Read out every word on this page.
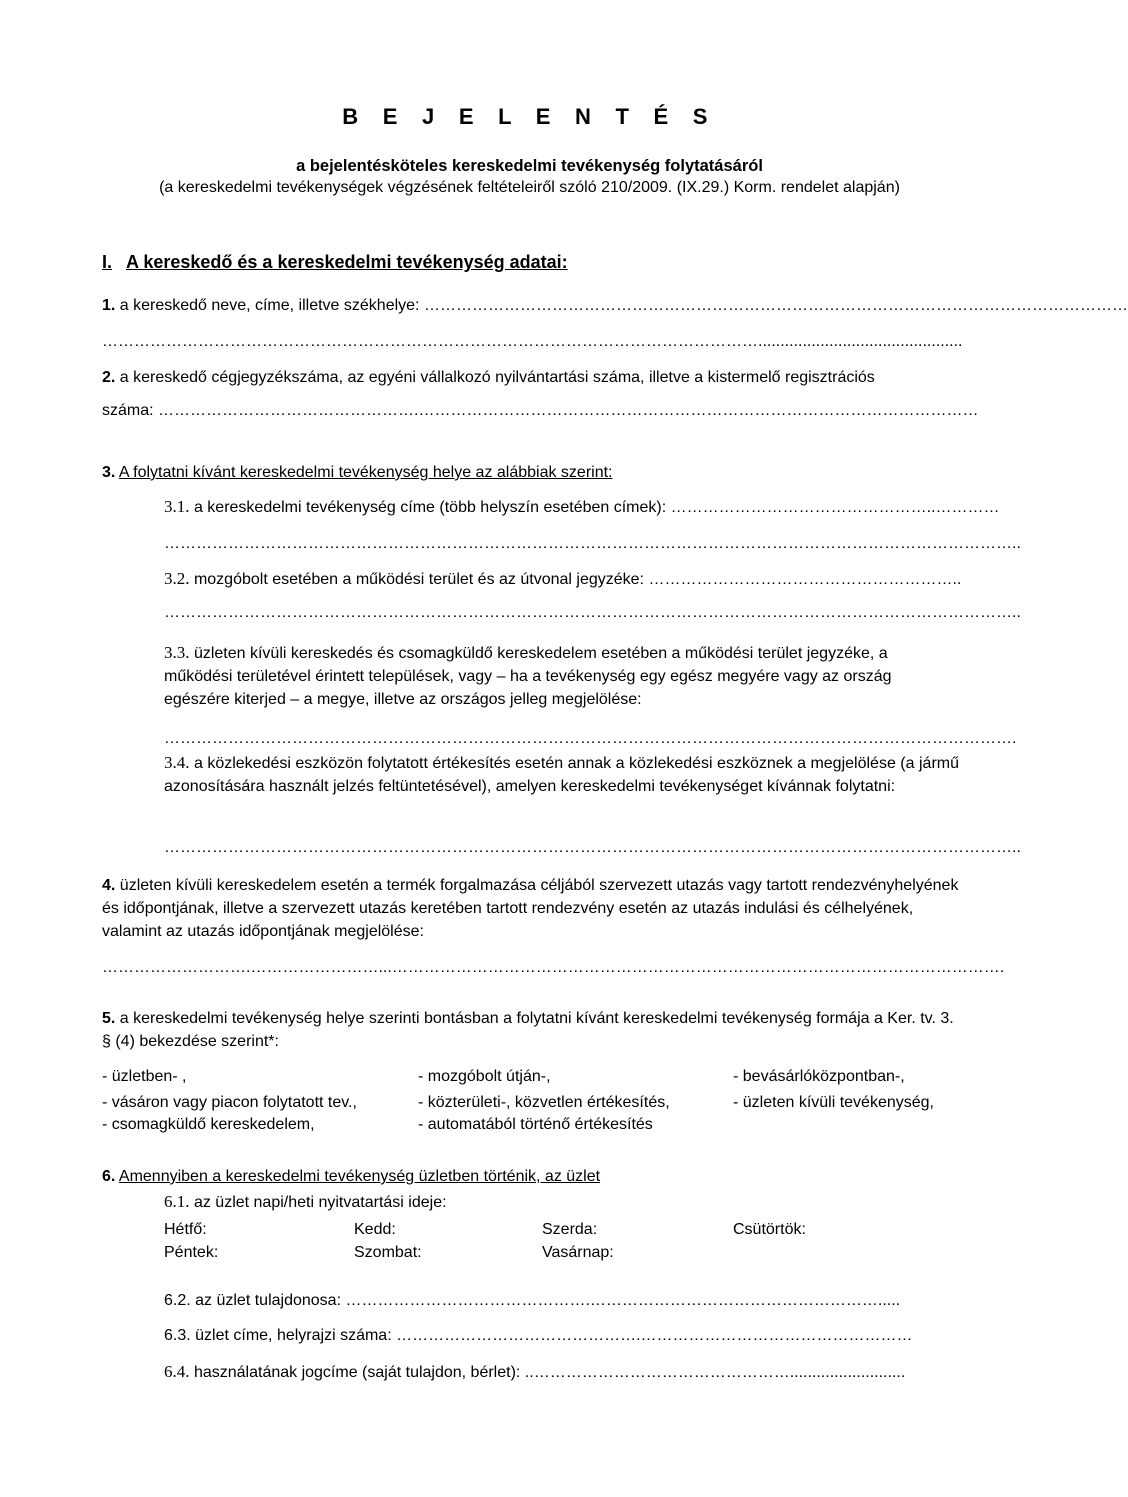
B E J E L E N T É S
a bejelentésköteles kereskedelmi tevékenység folytatásáról
(a kereskedelmi tevékenységek végzésének feltételeiről szóló 210/2009. (IX.29.) Korm. rendelet alapján)
I. A kereskedő és a kereskedelmi tevékenység adatai:
1. a kereskedő neve, címe, illetve székhelye: ……………………………………………………………………………………………………………………
……………………………………………………………………………………………………………..............................................
2. a kereskedő cégjegyzékszáma, az egyéni vállalkozó nyilvántartási száma, illetve a kistermelő regisztrációs
száma: ………………………………………….……………………………………………………………………………………………
3. A folytatni kívánt kereskedelmi tevékenység helye az alábbiak szerint:
3.1. a kereskedelmi tevékenység címe (több helyszín esetében címek): …………………………………………..…………
……………………………………………………………………………………………………………………………………………..
3.2. mozgóbolt esetében a működési terület és az útvonal jegyzéke: …………………………………………………..
……………………………………………………………………………………………………………………………………………..
3.3. üzleten kívüli kereskedés és csomagküldő kereskedelem esetében a működési terület jegyzéke, a működési területével érintett települések, vagy – ha a tevékenység egy egész megyére vagy az ország egészére kiterjed – a megye, illetve az országos jelleg megjelölése:
…………………………………………………………………………………………………………………………………………….
3.4. a közlekedési eszközön folytatott értékesítés esetén annak a közlekedési eszköznek a megjelölése (a jármű azonosítására használt jelzés feltüntetésével), amelyen kereskedelmi tevékenységet kívánnak folytatni:
……………………………………………………………………………………………………………………………………………..
4. üzleten kívüli kereskedelem esetén a termék forgalmazása céljából szervezett utazás vagy tartott rendezvényhelyének és időpontjának, illetve a szervezett utazás keretében tartott rendezvény esetén az utazás indulási és célhelyének, valamint az utazás időpontjának megjelölése:
……………………….……………………...…………………………………………………………………………………………………….
5. a kereskedelmi tevékenység helye szerinti bontásban a folytatni kívánt kereskedelmi tevékenység formája a Ker. tv. 3. § (4) bekezdése szerint*:
- üzletben- ,	- mozgóbolt útján-,	- bevásárlóközpontban-,
- vásáron vagy piacon folytatott tev.,	- közterületi-, közvetlen értékesítés,	- üzleten kívüli tevékenység,
- csomagküldő kereskedelem,	- automatából történő értékesítés
6. Amennyiben a kereskedelmi tevékenység üzletben történik, az üzlet
6.1. az üzlet napi/heti nyitvatartási ideje:
Hétfő:	Kedd:	Szerda:	Csütörtök:
Péntek:	Szombat:	Vasárnap:
6.2. az üzlet tulajdonosa: ……………………………………….……………………………………………….....
6.3. üzlet címe, helyrajzi száma: ……………………………………….……………………………………………
6.4. használatának jogcíme (saját tulajdon, bérlet): ..…………………………………………..........................
